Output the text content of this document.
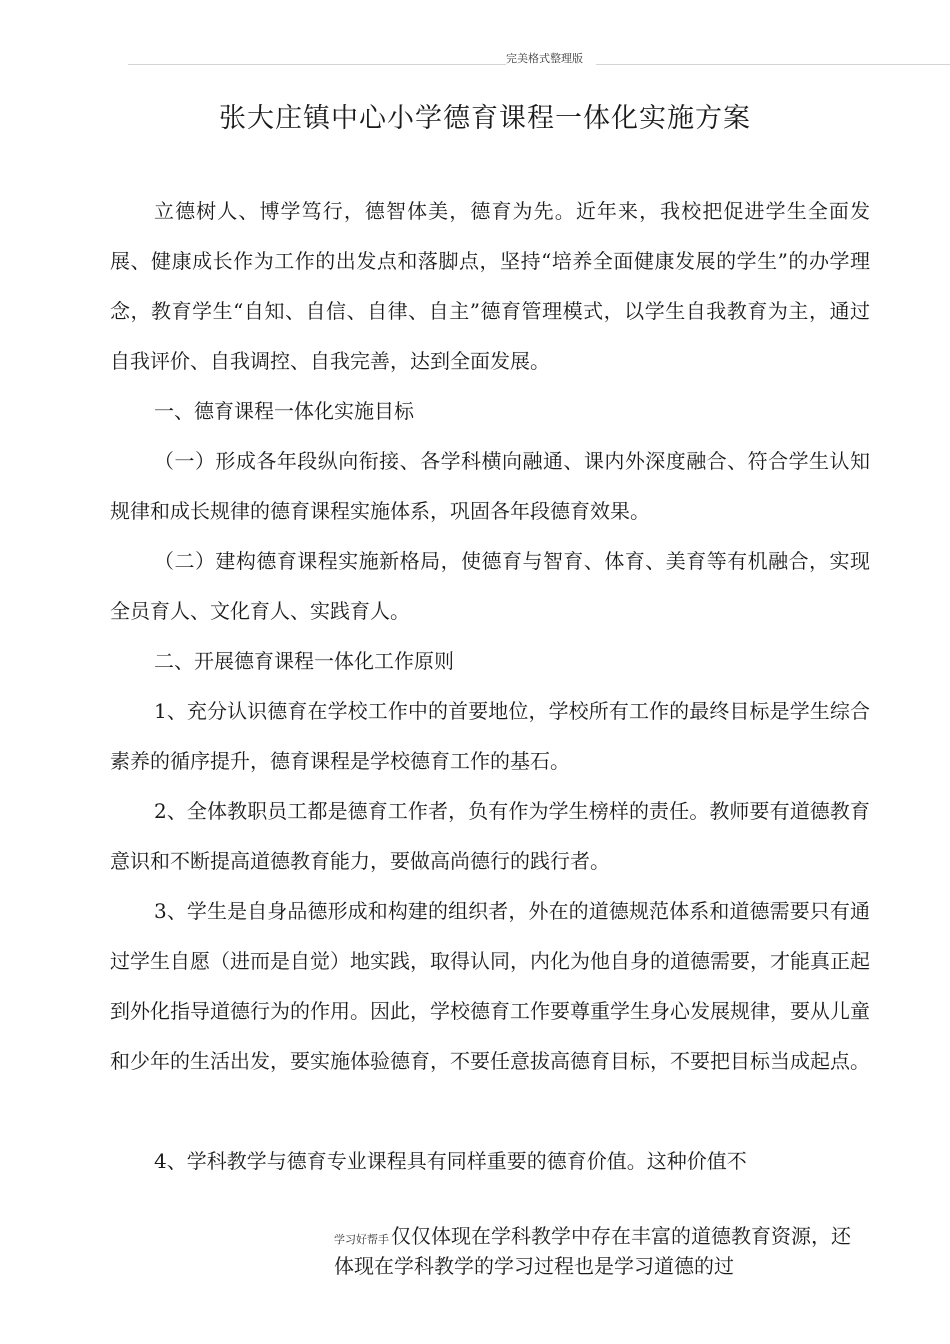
完美格式整理版
张大庄镇中心小学德育课程一体化实施方案

立德树人、博学笃行，德智体美，德育为先。近年来，我校把促进学生全面发展、健康成长作为工作的出发点和落脚点，坚持“培养全面健康发展的学生”的办学理念，教育学生“自知、自信、自律、自主”德育管理模式，以学生自我教育为主，通过自我评价、自我调控、自我完善，达到全面发展。

一、德育课程一体化实施目标

（一）形成各年段纵向衔接、各学科横向融通、课内外深度融合、符合学生认知规律和成长规律的德育课程实施体系，巩固各年段德育效果。

（二）建构德育课程实施新格局，使德育与智育、体育、美育等有机融合，实现全员育人、文化育人、实践育人。

二、开展德育课程一体化工作原则

1、充分认识德育在学校工作中的首要地位，学校所有工作的最终目标是学生综合素养的循序提升，德育课程是学校德育工作的基石。

2、全体教职员工都是德育工作者，负有作为学生榜样的责任。教师要有道德教育意识和不断提高道德教育能力，要做高尚德行的践行者。

3、学生是自身品德形成和构建的组织者，外在的道德规范体系和道德需要只有通过学生自愿（进而是自觉）地实践，取得认同，内化为他自身的道德需要，才能真正起到外化指导道德行为的作用。因此，学校德育工作要尊重学生身心发展规律，要从儿童和少年的生活出发，要实施体验德育，不要任意拔高德育目标，不要把目标当成起点。

4、学科教学与德育专业课程具有同样重要的德育价值。这种价值不

学习好帮手 仅仅体现在学科教学中存在丰富的道德教育资源，还体现在学科教学的学习过程也是学习道德的过
